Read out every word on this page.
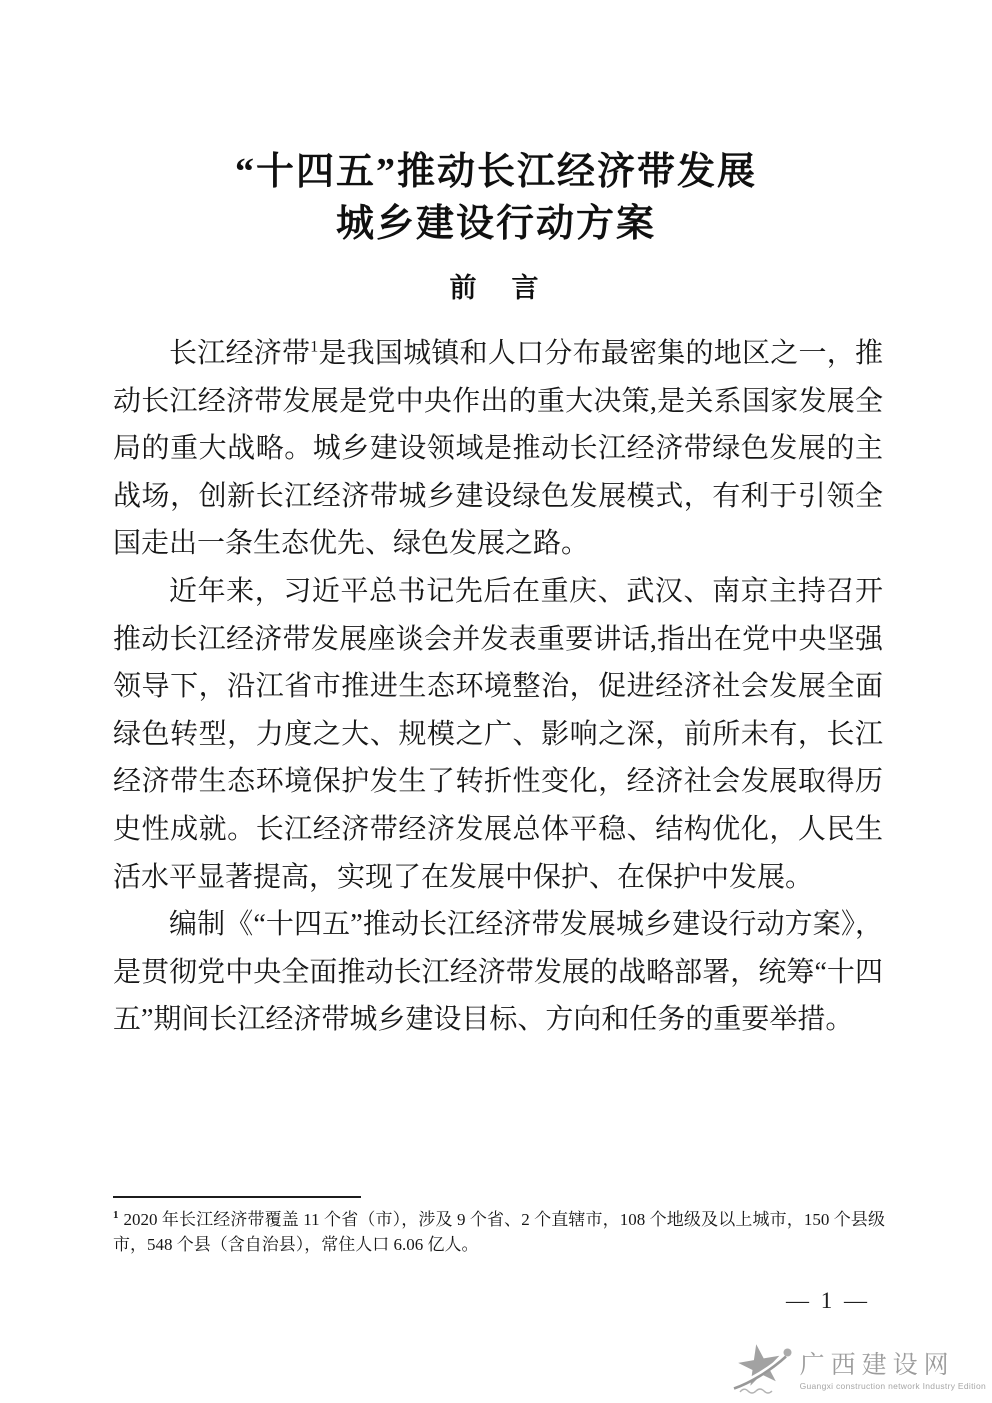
“十四五”推动长江经济带发展
城乡建设行动方案
前　言

长江经济带$^1$是我国城镇和人口分布最密集的地区之一，推动长江经济带发展是党中央作出的重大决策,是关系国家发展全局的重大战略。城乡建设领域是推动长江经济带绿色发展的主战场，创新长江经济带城乡建设绿色发展模式，有利于引领全国走出一条生态优先、绿色发展之路。

近年来，习近平总书记先后在重庆、武汉、南京主持召开推动长江经济带发展座谈会并发表重要讲话,指出在党中央坚强领导下，沿江省市推进生态环境整治，促进经济社会发展全面绿色转型，力度之大、规模之广、影响之深，前所未有，长江经济带生态环境保护发生了转折性变化，经济社会发展取得历史性成就。长江经济带经济发展总体平稳、结构优化，人民生活水平显著提高，实现了在发展中保护、在保护中发展。

编制《“十四五”推动长江经济带发展城乡建设行动方案》，是贯彻党中央全面推动长江经济带发展的战略部署，统筹“十四五”期间长江经济带城乡建设目标、方向和任务的重要举措。

$^1$ 2020 年长江经济带覆盖 11 个省（市），涉及 9 个省、2 个直辖市，108 个地级及以上城市，150 个县级市，548 个县（含自治县），常住人口 6.06 亿人。

— 1 —
广西建设网
Guangxi construction network Industry Edition
